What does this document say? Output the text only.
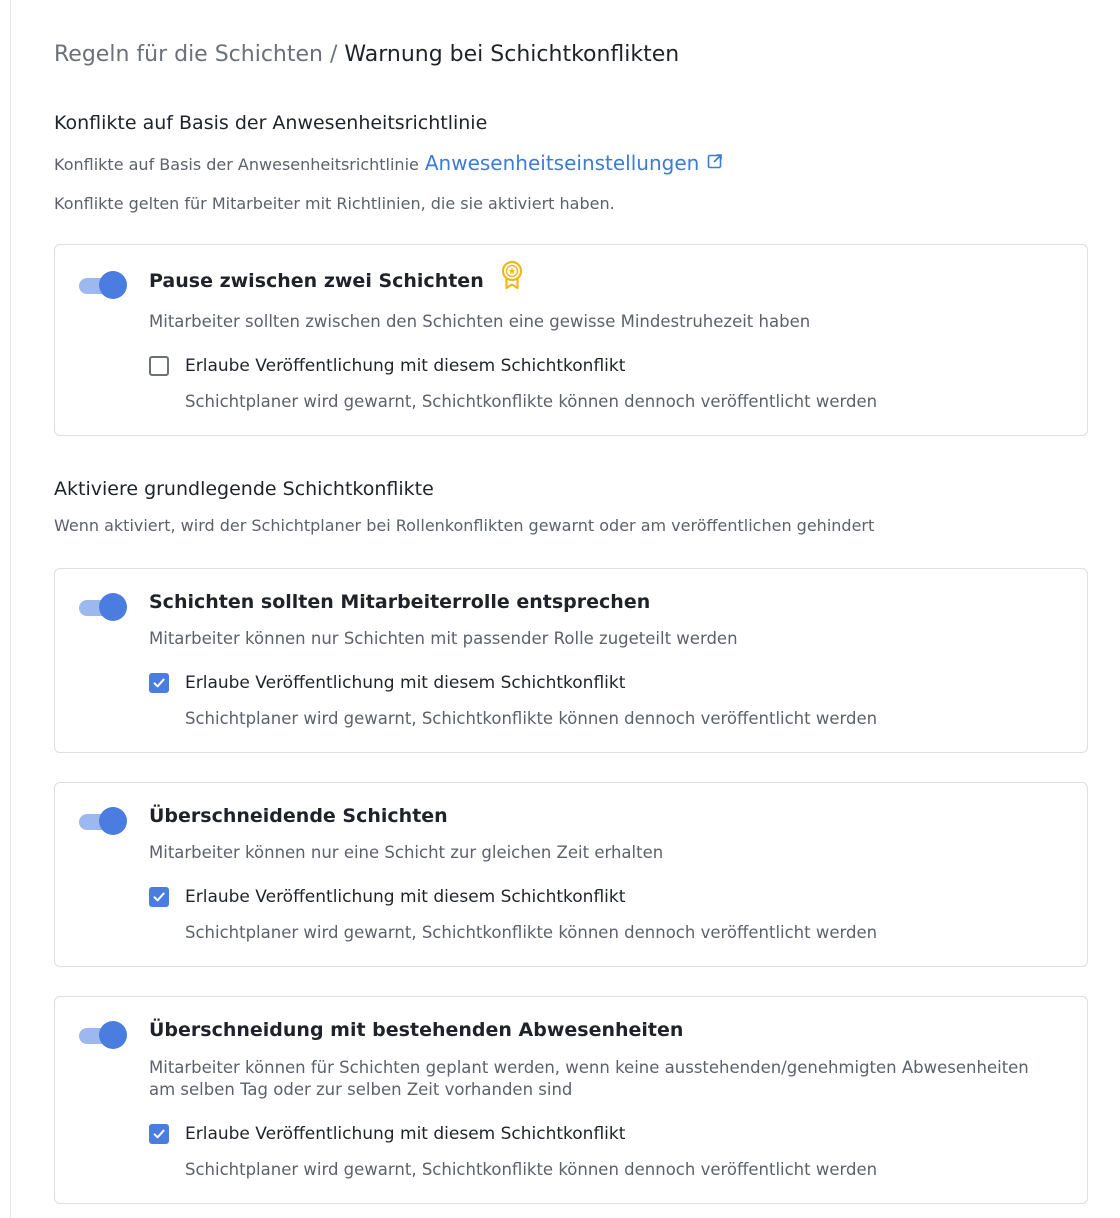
Regeln für die Schichten / Warnung bei Schichtkonflikten
Konflikte auf Basis der Anwesenheitsrichtlinie
Konflikte auf Basis der Anwesenheitsrichtlinie Anwesenheitseinstellungen
Konflikte gelten für Mitarbeiter mit Richtlinien, die sie aktiviert haben.
Pause zwischen zwei Schichten
Mitarbeiter sollten zwischen den Schichten eine gewisse Mindestruhezeit haben
Erlaube Veröffentlichung mit diesem Schichtkonflikt
Schichtplaner wird gewarnt, Schichtkonflikte können dennoch veröffentlicht werden
Aktiviere grundlegende Schichtkonflikte
Wenn aktiviert, wird der Schichtplaner bei Rollenkonflikten gewarnt oder am veröffentlichen gehindert
Schichten sollten Mitarbeiterrolle entsprechen
Mitarbeiter können nur Schichten mit passender Rolle zugeteilt werden
Erlaube Veröffentlichung mit diesem Schichtkonflikt
Schichtplaner wird gewarnt, Schichtkonflikte können dennoch veröffentlicht werden
Überschneidende Schichten
Mitarbeiter können nur eine Schicht zur gleichen Zeit erhalten
Erlaube Veröffentlichung mit diesem Schichtkonflikt
Schichtplaner wird gewarnt, Schichtkonflikte können dennoch veröffentlicht werden
Überschneidung mit bestehenden Abwesenheiten
Mitarbeiter können für Schichten geplant werden, wenn keine ausstehenden/genehmigten Abwesenheiten am selben Tag oder zur selben Zeit vorhanden sind
Erlaube Veröffentlichung mit diesem Schichtkonflikt
Schichtplaner wird gewarnt, Schichtkonflikte können dennoch veröffentlicht werden
